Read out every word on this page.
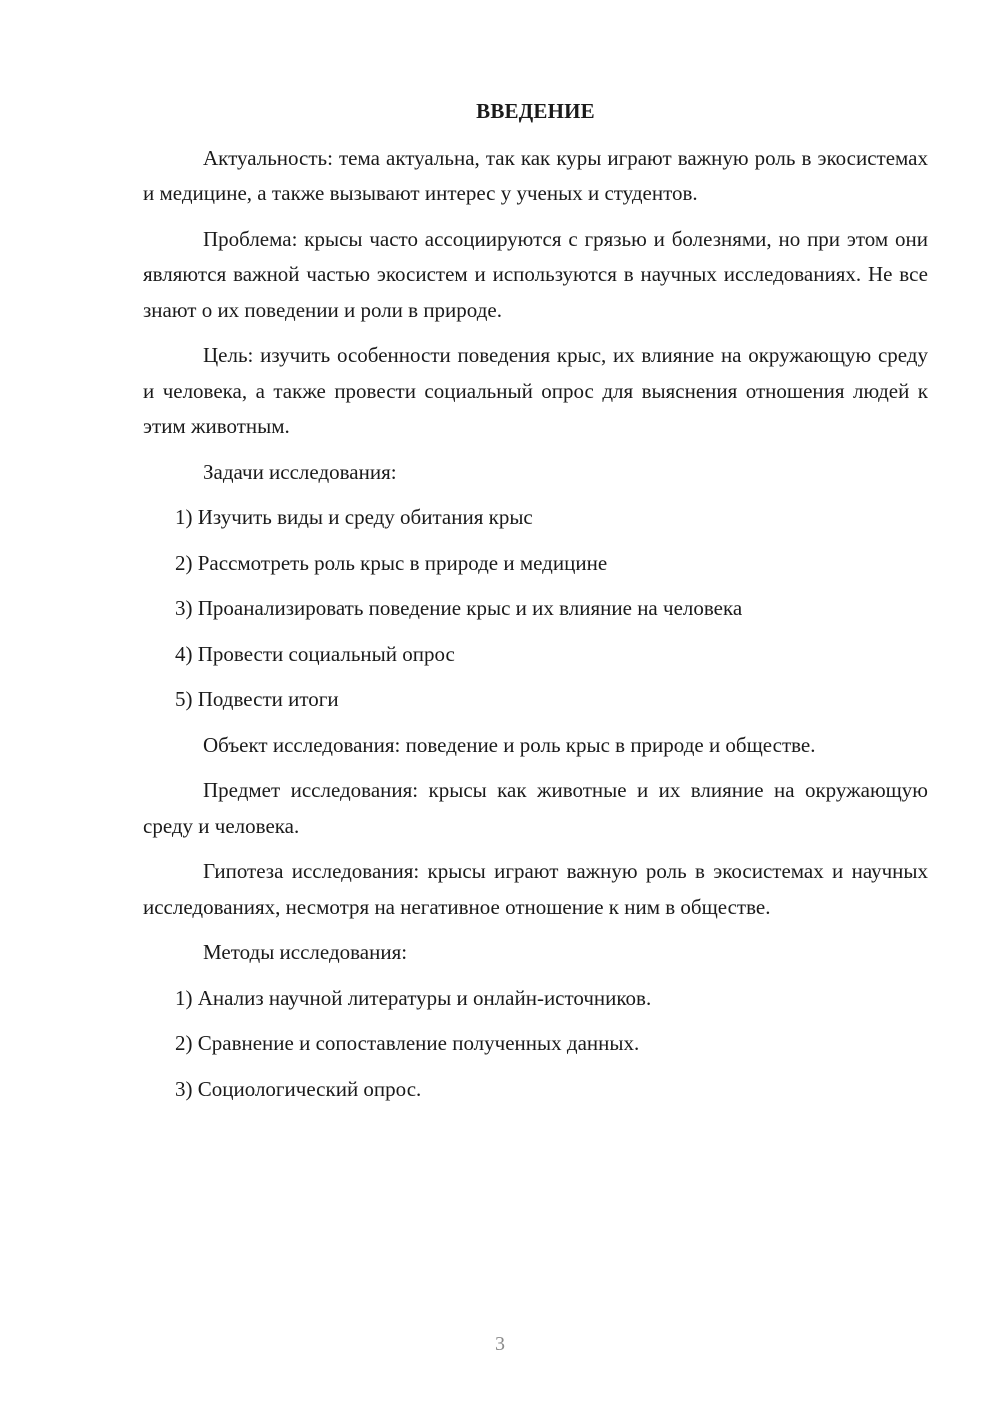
ВВЕДЕНИЕ

Актуальность: тема актуальна, так как куры играют важную роль в экосистемах и медицине, а также вызывают интерес у ученых и студентов.

Проблема: крысы часто ассоциируются с грязью и болезнями, но при этом они являются важной частью экосистем и используются в научных исследованиях. Не все знают о их поведении и роли в природе.

Цель: изучить особенности поведения крыс, их влияние на окружающую среду и человека, а также провести социальный опрос для выяснения отношения людей к этим животным.

Задачи исследования:

1) Изучить виды и среду обитания крыс
2) Рассмотреть роль крыс в природе и медицине
3) Проанализировать поведение крыс и их влияние на человека
4) Провести социальный опрос
5) Подвести итоги

Объект исследования: поведение и роль крыс в природе и обществе.

Предмет исследования: крысы как животные и их влияние на окружающую среду и человека.

Гипотеза исследования: крысы играют важную роль в экосистемах и научных исследованиях, несмотря на негативное отношение к ним в обществе.

Методы исследования:

1) Анализ научной литературы и онлайн-источников.
2) Сравнение и сопоставление полученных данных.
3) Социологический опрос.
3
